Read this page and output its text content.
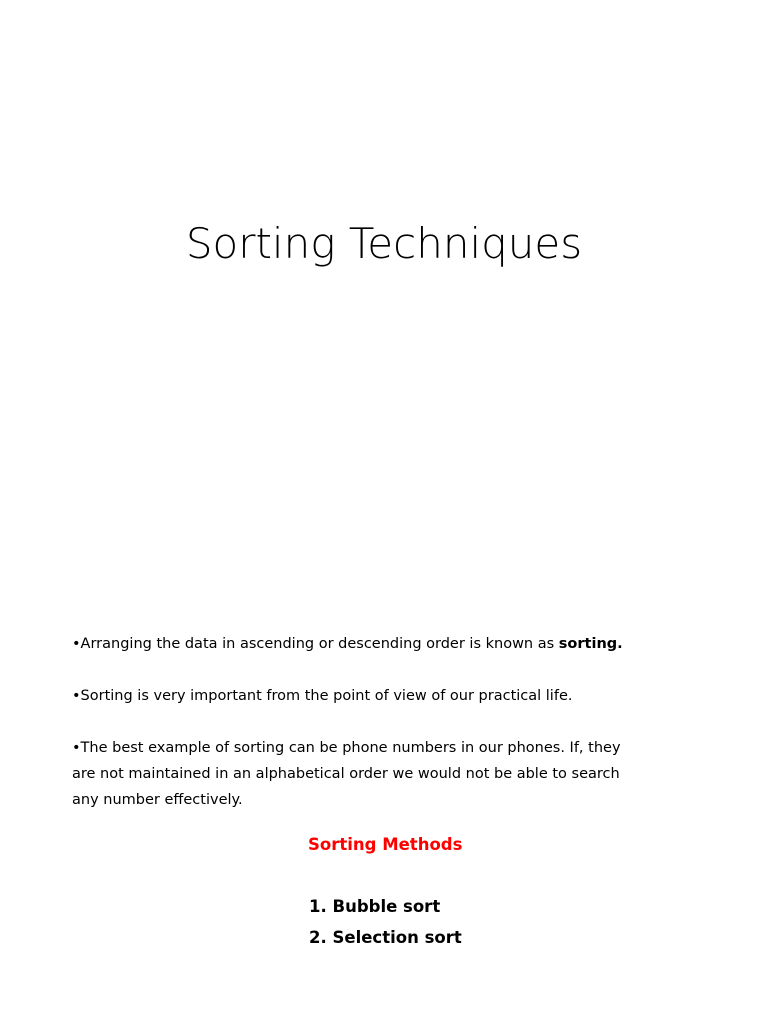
Sorting Techniques

•Arranging the data in ascending or descending order is known as sorting.

•Sorting is very important from the point of view of our practical life.

•The best example of sorting can be phone numbers in our phones. If, they are not maintained in an alphabetical order we would not be able to search any number effectively.

Sorting Methods
1. Bubble sort
2. Selection sort
